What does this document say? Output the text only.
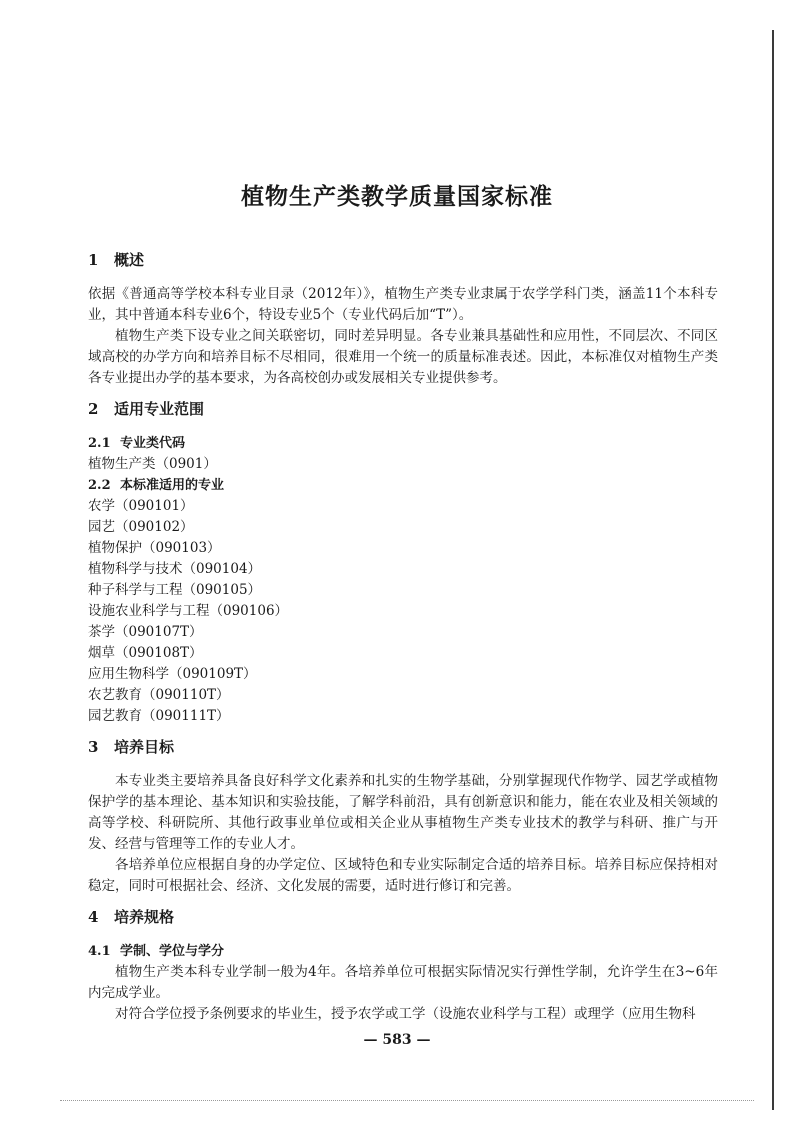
植物生产类教学质量国家标准
1 概述

依据《普通高等学校本科专业目录（2012年）》，植物生产类专业隶属于农学学科门类，涵盖11个本科专业，其中普通本科专业6个，特设专业5个（专业代码后加“T”）。

植物生产类下设专业之间关联密切，同时差异明显。各专业兼具基础性和应用性，不同层次、不同区域高校的办学方向和培养目标不尽相同，很难用一个统一的质量标准表述。因此，本标准仅对植物生产类各专业提出办学的基本要求，为各高校创办或发展相关专业提供参考。

2 适用专业范围
2.1 专业类代码
植物生产类（0901）
2.2 本标准适用的专业
农学（090101）
园艺（090102）
植物保护（090103）
植物科学与技术（090104）
种子科学与工程（090105）
设施农业科学与工程（090106）
茶学（090107T）
烟草（090108T）
应用生物科学（090109T）
农艺教育（090110T）
园艺教育（090111T）
3 培养目标

本专业类主要培养具备良好科学文化素养和扎实的生物学基础，分别掌握现代作物学、园艺学或植物保护学的基本理论、基本知识和实验技能，了解学科前沿，具有创新意识和能力，能在农业及相关领域的高等学校、科研院所、其他行政事业单位或相关企业从事植物生产类专业技术的教学与科研、推广与开发、经营与管理等工作的专业人才。

各培养单位应根据自身的办学定位、区域特色和专业实际制定合适的培养目标。培养目标应保持相对稳定，同时可根据社会、经济、文化发展的需要，适时进行修订和完善。

4 培养规格
4.1 学制、学位与学分

植物生产类本科专业学制一般为4年。各培养单位可根据实际情况实行弹性学制，允许学生在3~6年内完成学业。

对符合学位授予条例要求的毕业生，授予农学或工学（设施农业科学与工程）或理学（应用生物科

— 583 —
